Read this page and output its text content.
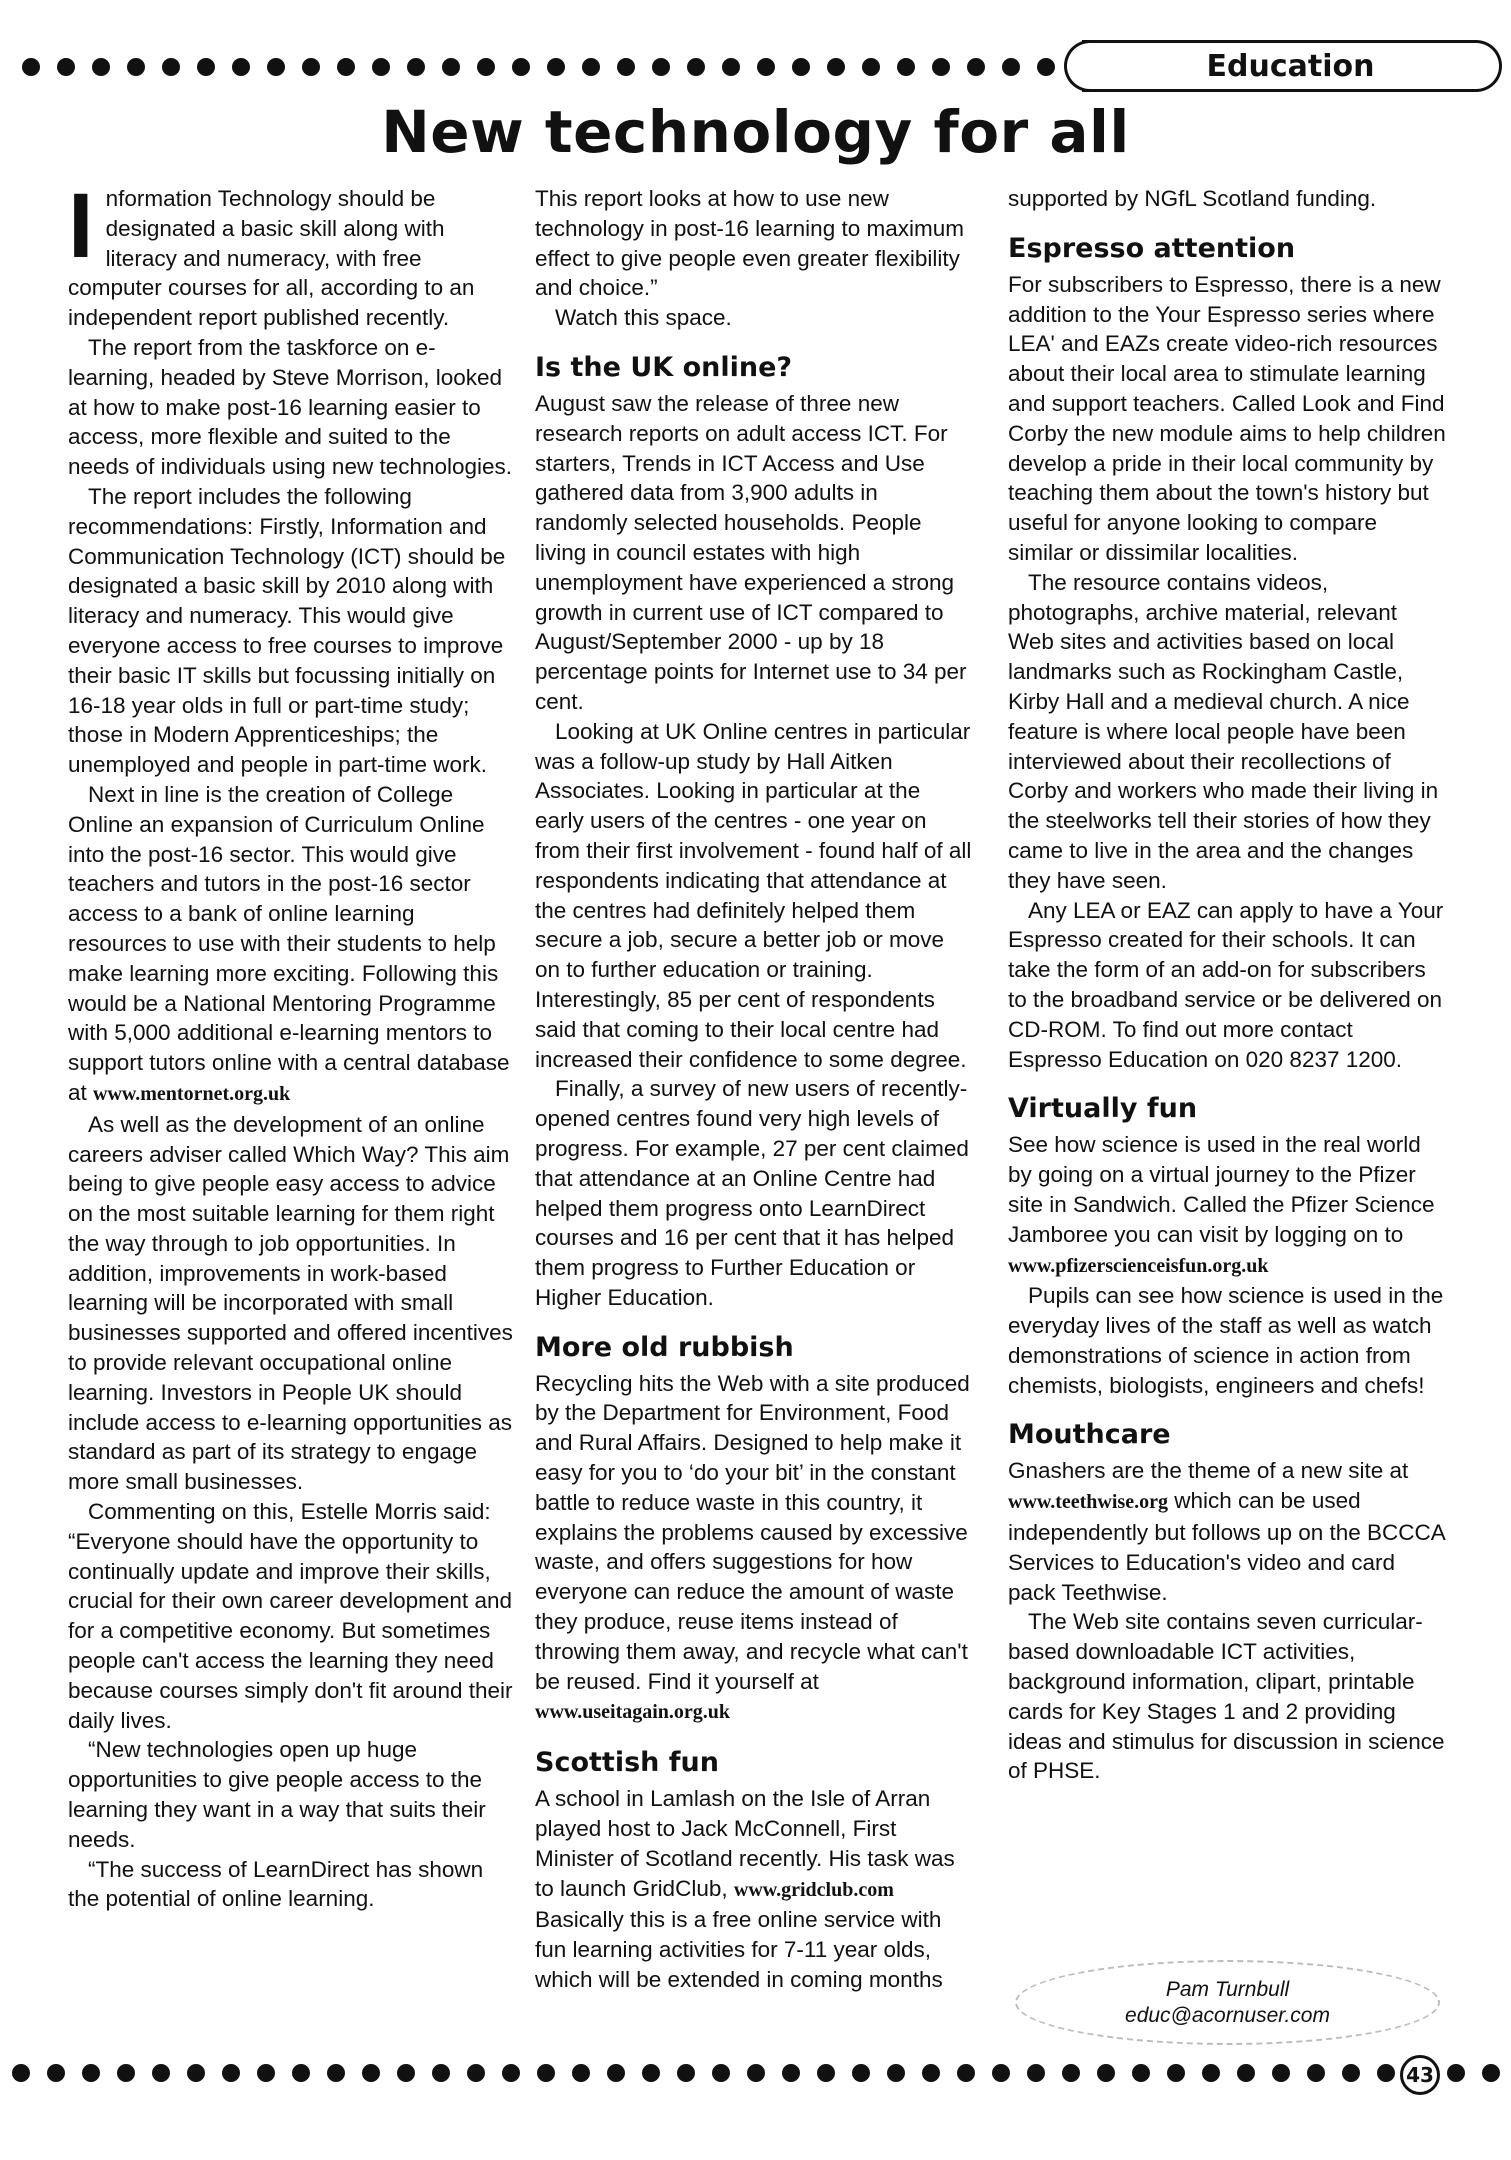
Education
New technology for all

Information Technology should be designated a basic skill along with literacy and numeracy, with free computer courses for all, according to an independent report published recently.

The report from the taskforce on e-learning, headed by Steve Morrison, looked at how to make post-16 learning easier to access, more flexible and suited to the needs of individuals using new technologies.

The report includes the following recommendations: Firstly, Information and Communication Technology (ICT) should be designated a basic skill by 2010 along with literacy and numeracy. This would give everyone access to free courses to improve their basic IT skills but focussing initially on 16-18 year olds in full or part-time study; those in Modern Apprenticeships; the unemployed and people in part-time work.

Next in line is the creation of College Online an expansion of Curriculum Online into the post-16 sector. This would give teachers and tutors in the post-16 sector access to a bank of online learning resources to use with their students to help make learning more exciting. Following this would be a National Mentoring Programme with 5,000 additional e-learning mentors to support tutors online with a central database at www.mentornet.org.uk

As well as the development of an online careers adviser called Which Way? This aim being to give people easy access to advice on the most suitable learning for them right the way through to job opportunities. In addition, improvements in work-based learning will be incorporated with small businesses supported and offered incentives to provide relevant occupational online learning. Investors in People UK should include access to e-learning opportunities as standard as part of its strategy to engage more small businesses.

Commenting on this, Estelle Morris said: “Everyone should have the opportunity to continually update and improve their skills, crucial for their own career development and for a competitive economy. But sometimes people can't access the learning they need because courses simply don't fit around their daily lives.

“New technologies open up huge opportunities to give people access to the learning they want in a way that suits their needs.

“The success of LearnDirect has shown the potential of online learning.

This report looks at how to use new technology in post-16 learning to maximum effect to give people even greater flexibility and choice.”

Watch this space.

Is the UK online?

August saw the release of three new research reports on adult access ICT. For starters, Trends in ICT Access and Use gathered data from 3,900 adults in randomly selected households. People living in council estates with high unemployment have experienced a strong growth in current use of ICT compared to August/September 2000 - up by 18 percentage points for Internet use to 34 per cent.

Looking at UK Online centres in particular was a follow-up study by Hall Aitken Associates. Looking in particular at the early users of the centres - one year on from their first involvement - found half of all respondents indicating that attendance at the centres had definitely helped them secure a job, secure a better job or move on to further education or training. Interestingly, 85 per cent of respondents said that coming to their local centre had increased their confidence to some degree.

Finally, a survey of new users of recently-opened centres found very high levels of progress. For example, 27 per cent claimed that attendance at an Online Centre had helped them progress onto LearnDirect courses and 16 per cent that it has helped them progress to Further Education or Higher Education.

More old rubbish

Recycling hits the Web with a site produced by the Department for Environment, Food and Rural Affairs. Designed to help make it easy for you to ‘do your bit’ in the constant battle to reduce waste in this country, it explains the problems caused by excessive waste, and offers suggestions for how everyone can reduce the amount of waste they produce, reuse items instead of throwing them away, and recycle what can't be reused. Find it yourself at
www.useitagain.org.uk

Scottish fun

A school in Lamlash on the Isle of Arran played host to Jack McConnell, First Minister of Scotland recently. His task was to launch GridClub, www.gridclub.com Basically this is a free online service with fun learning activities for 7-11 year olds, which will be extended in coming months

supported by NGfL Scotland funding.

Espresso attention

For subscribers to Espresso, there is a new addition to the Your Espresso series where LEA' and EAZs create video-rich resources about their local area to stimulate learning and support teachers. Called Look and Find Corby the new module aims to help children develop a pride in their local community by teaching them about the town's history but useful for anyone looking to compare similar or dissimilar localities.

The resource contains videos, photographs, archive material, relevant Web sites and activities based on local landmarks such as Rockingham Castle, Kirby Hall and a medieval church. A nice feature is where local people have been interviewed about their recollections of Corby and workers who made their living in the steelworks tell their stories of how they came to live in the area and the changes they have seen.

Any LEA or EAZ can apply to have a Your Espresso created for their schools. It can take the form of an add-on for subscribers to the broadband service or be delivered on CD-ROM. To find out more contact Espresso Education on 020 8237 1200.

Virtually fun

See how science is used in the real world by going on a virtual journey to the Pfizer site in Sandwich. Called the Pfizer Science Jamboree you can visit by logging on to www.pfizerscienceisfun.org.uk

Pupils can see how science is used in the everyday lives of the staff as well as watch demonstrations of science in action from chemists, biologists, engineers and chefs!

Mouthcare

Gnashers are the theme of a new site at www.teethwise.org which can be used independently but follows up on the BCCCA Services to Education's video and card pack Teethwise.

The Web site contains seven curricular-based downloadable ICT activities, background information, clipart, printable cards for Key Stages 1 and 2 providing ideas and stimulus for discussion in science of PHSE.

Pam Turnbull
educ@acornuser.com
43
